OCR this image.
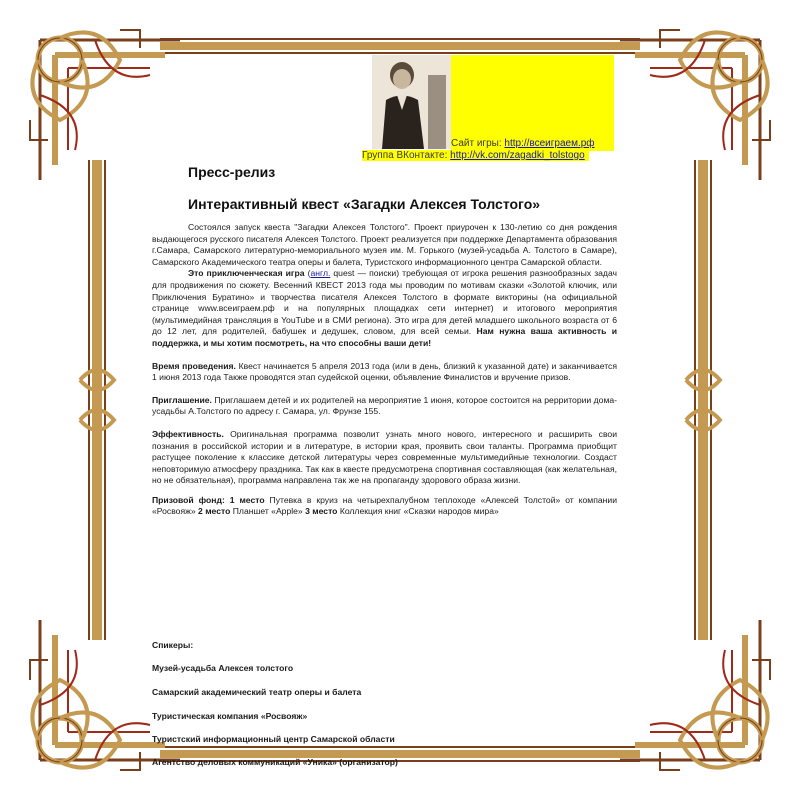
Сайт игры: http://всеиграем.рф
Группа ВКонтакте: http://vk.com/zagadki_tolstogo
Пресс-релиз
Интерактивный квест «Загадки Алексея Толстого»

Состоялся запуск квеста "Загадки Алексея Толстого". Проект приурочен к 130-летию со дня рождения выдающегося русского писателя Алексея Толстого. Проект реализуется при поддержке Департамента образования г.Самара, Самарского литературно-мемориального музея им. М. Горького (музей-усадьба А. Толстого в Самаре), Самарского Академического театра оперы и балета, Туристского информационного центра Самарской области.

Это приключенческая игра (англ. quest — поиски) требующая от игрока решения разнообразных задач для продвижения по сюжету. Весенний КВЕСТ 2013 года мы проводим по мотивам сказки «Золотой ключик, или Приключения Буратино» и творчества писателя Алексея Толстого в формате викторины (на официальной странице www.всеиграем.рф и на популярных площадках сети интернет) и итогового мероприятия (мультимедийная трансляция в YouTube и в СМИ региона). Это игра для детей младшего школьного возраста от 6 до 12 лет, для родителей, бабушек и дедушек, словом, для всей семьи. Нам нужна ваша активность и поддержка, и мы хотим посмотреть, на что способны ваши дети!

Время проведения. Квест начинается 5 апреля 2013 года (или в день, близкий к указанной дате) и заканчивается 1 июня 2013 года Также проводятся этап судейской оценки, объявление Финалистов и вручение призов.

Приглашение. Приглашаем детей и их родителей на мероприятие 1 июня, которое состоится на рерритории дома-усадьбы А.Толстого по адресу г. Самара, ул. Фрунзе 155.

Эффективность. Оригинальная программа позволит узнать много нового, интересного и расширить свои познания в российской истории и в литературе, в истории края, проявить свои таланты. Программа приобщит растущее поколение к классике детской литературы через современные мультимедийные технологии. Создаст неповторимую атмосферу праздника. Так как в квесте предусмотрена спортивная составляющая (как желательная, но не обязательная), программа направлена так же на пропаганду здорового образа жизни.

Призовой фонд: 1 место Путевка в круиз на четырехпалубном теплоходе «Алексей Толстой» от компании «Росвояж» 2 место Планшет «Apple» 3 место Коллекция книг «Сказки народов мира»

Спикеры:
Музей-усадьба Алексея толстого
Самарский академический театр оперы и балета
Туристическая компания «Росвояж»
Туристский информационный центр Самарской области
Агентство деловых коммуникаций «Уника» (организатор)
